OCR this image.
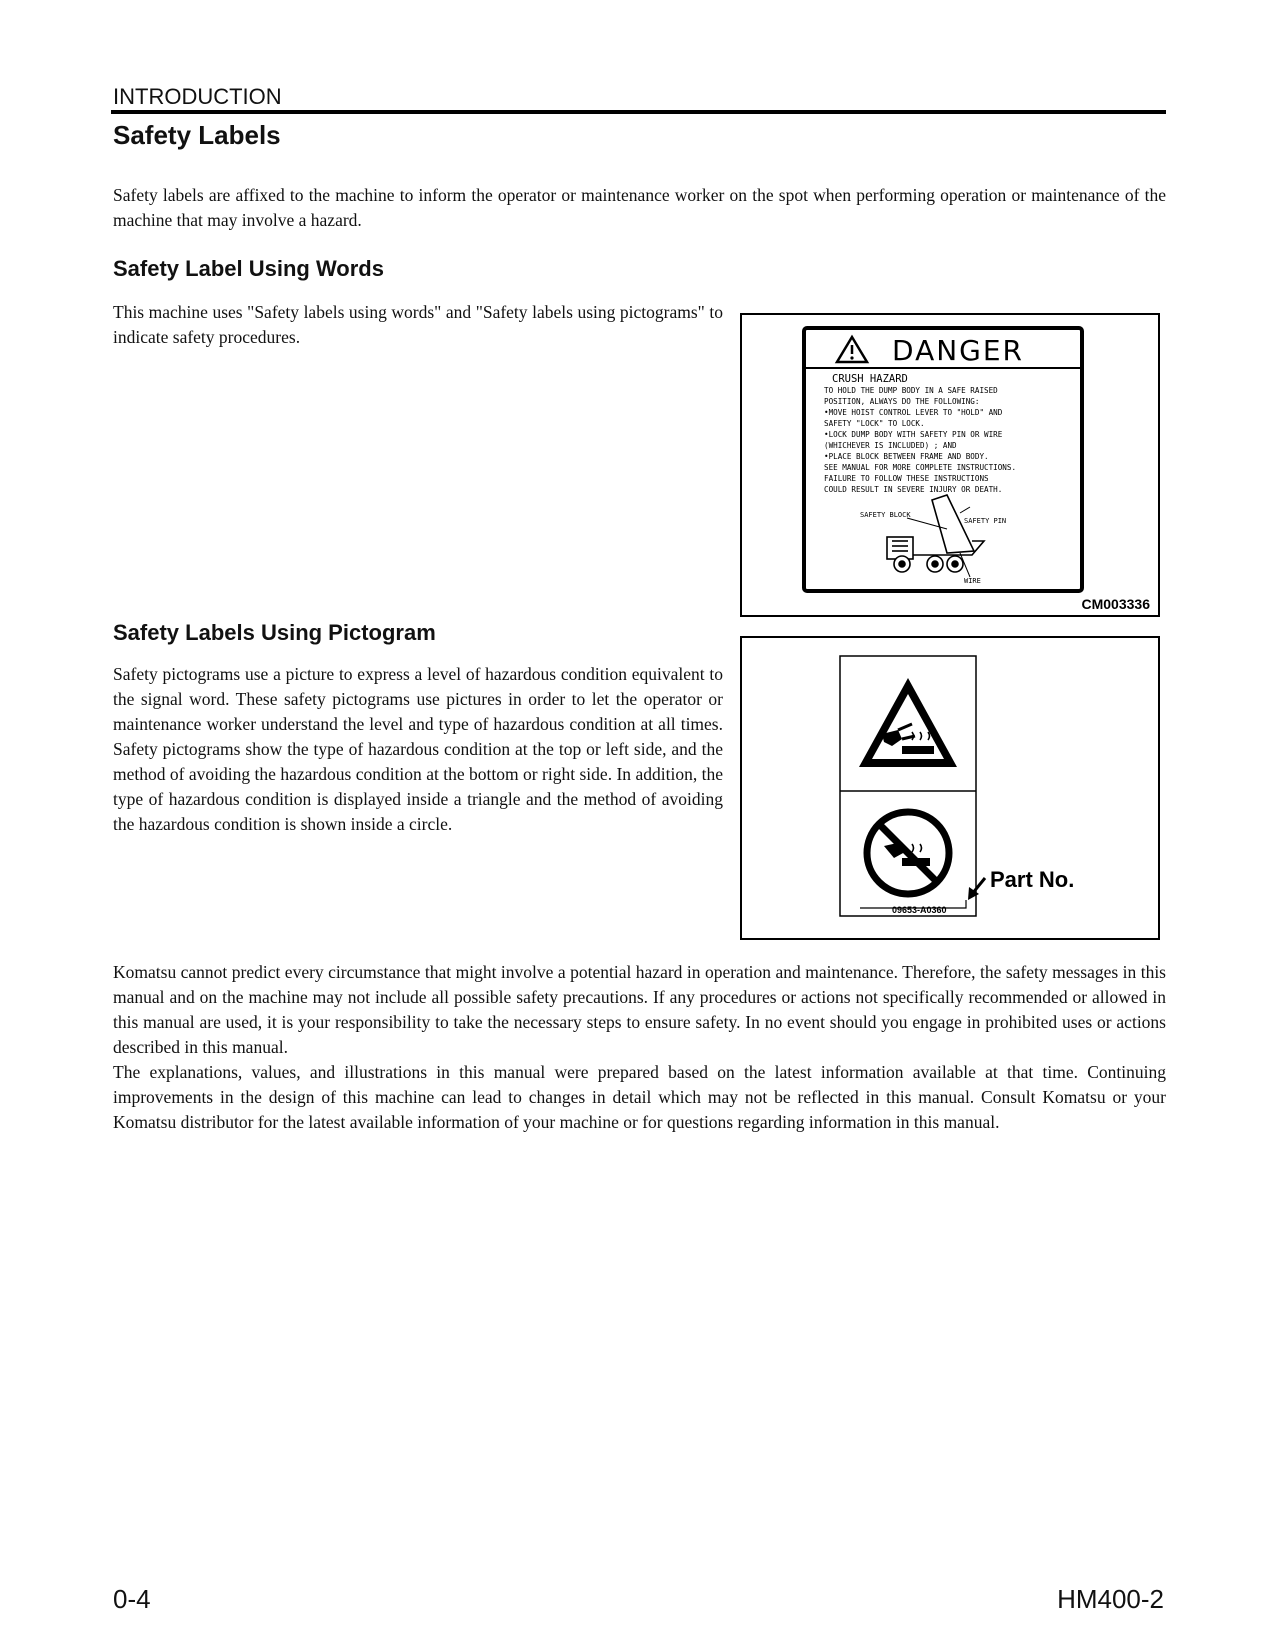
INTRODUCTION
Safety Labels
Safety labels are affixed to the machine to inform the operator or maintenance worker on the spot when performing operation or maintenance of the machine that may involve a hazard.
Safety Label Using Words
This machine uses "Safety labels using words" and "Safety labels using pictograms" to indicate safety procedures.	DANGER
CRUSH HAZARD
TO HOLD THE DUMP BODY IN A SAFE RAISED
POSITION, ALWAYS DO THE FOLLOWING:
•MOVE HOIST CONTROL LEVER TO "HOLD" AND
SAFETY "LOCK" TO LOCK.
•LOCK DUMP BODY WITH SAFETY PIN OR WIRE
(WHICHEVER IS INCLUDED) ; AND
•PLACE BLOCK BETWEEN FRAME AND BODY.
SEE MANUAL FOR MORE COMPLETE INSTRUCTIONS.
FAILURE TO FOLLOW THESE INSTRUCTIONS
COULD RESULT IN SEVERE INJURY OR DEATH.
SAFETY BLOCK
SAFETY PIN
WIRE
CM003336
Safety Labels Using Pictogram
Safety pictograms use a picture to express a level of hazardous condition equivalent to the signal word. These safety pictograms use pictures in order to let the operator or maintenance worker understand the level and type of hazardous condition at all times. Safety pictograms show the type of hazardous condition at the top or left side, and the method of avoiding the hazardous condition at the bottom or right side. In addition, the type of hazardous condition is displayed inside a triangle and the method of avoiding the hazardous condition is shown inside a circle.
09653-A0360
Part No.
Komatsu cannot predict every circumstance that might involve a potential hazard in operation and maintenance. Therefore, the safety messages in this manual and on the machine may not include all possible safety precautions. If any procedures or actions not specifically recommended or allowed in this manual are used, it is your responsibility to take the necessary steps to ensure safety. In no event should you engage in prohibited uses or actions described in this manual.
The explanations, values, and illustrations in this manual were prepared based on the latest information available at that time. Continuing improvements in the design of this machine can lead to changes in detail which may not be reflected in this manual. Consult Komatsu or your Komatsu distributor for the latest available information of your machine or for questions regarding information in this manual.
0-4	HM400-2
